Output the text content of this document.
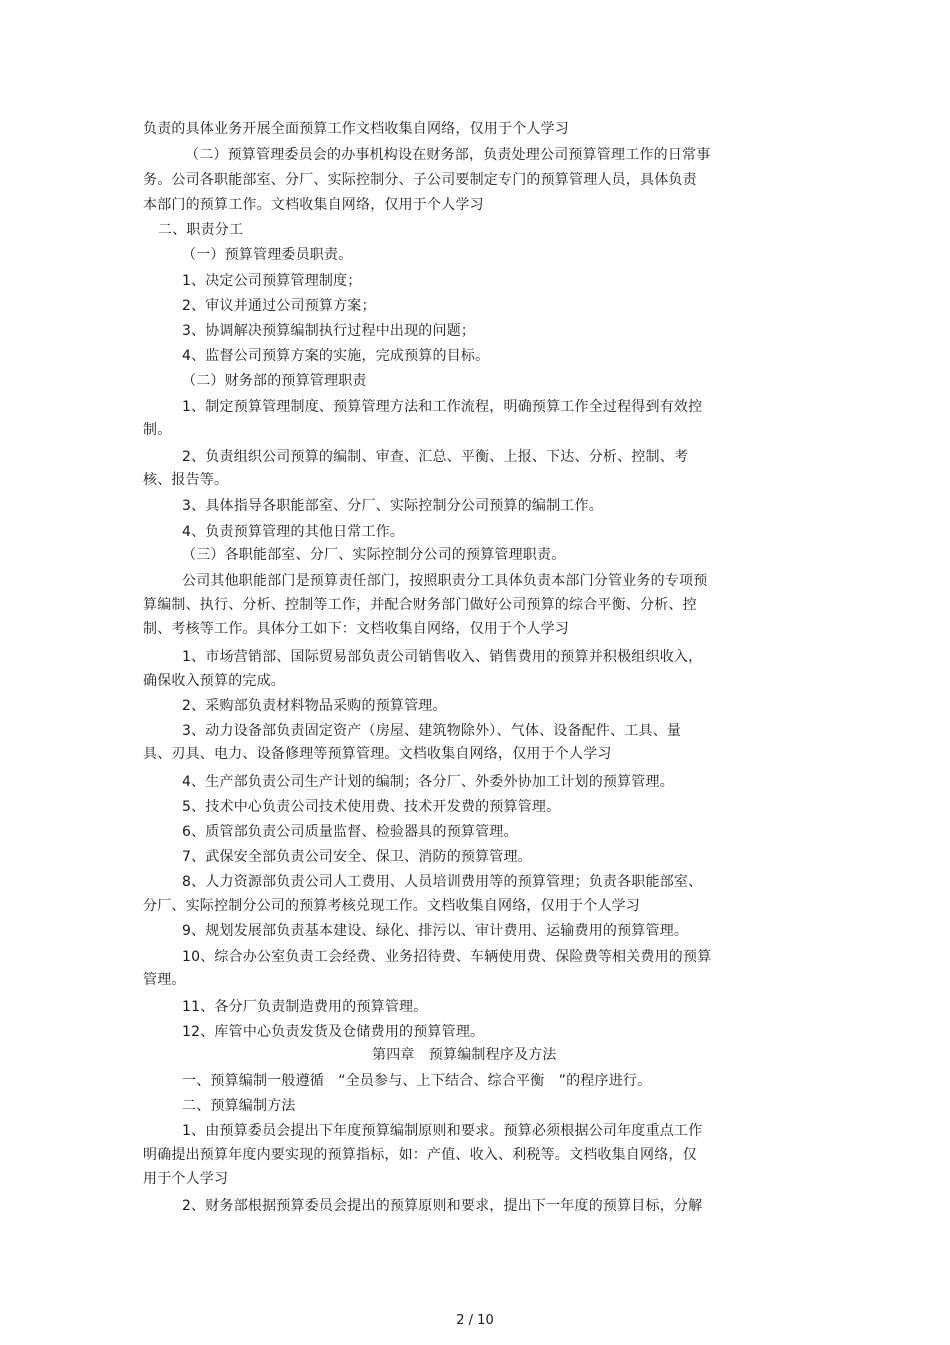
负责的具体业务开展全面预算工作文档收集自网络，仅用于个人学习
（二）预算管理委员会的办事机构设在财务部，负责处理公司预算管理工作的日常事
务。公司各职能部室、分厂、实际控制分、子公司要制定专门的预算管理人员，具体负责
本部门的预算工作。文档收集自网络，仅用于个人学习
二、职责分工
（一）预算管理委员职责。
1、决定公司预算管理制度；
2、审议并通过公司预算方案；
3、协调解决预算编制执行过程中出现的问题；
4、监督公司预算方案的实施，完成预算的目标。
（二）财务部的预算管理职责
1、制定预算管理制度、预算管理方法和工作流程，明确预算工作全过程得到有效控
制。
2、负责组织公司预算的编制、审查、汇总、平衡、上报、下达、分析、控制、考
核、报告等。
3、具体指导各职能部室、分厂、实际控制分公司预算的编制工作。
4、负责预算管理的其他日常工作。
（三）各职能部室、分厂、实际控制分公司的预算管理职责。
公司其他职能部门是预算责任部门，按照职责分工具体负责本部门分管业务的专项预
算编制、执行、分析、控制等工作，并配合财务部门做好公司预算的综合平衡、分析、控
制、考核等工作。具体分工如下：文档收集自网络，仅用于个人学习
1、市场营销部、国际贸易部负责公司销售收入、销售费用的预算并积极组织收入，
确保收入预算的完成。
2、采购部负责材料物品采购的预算管理。
3、动力设备部负责固定资产（房屋、建筑物除外）、气体、设备配件、工具、量
具、刃具、电力、设备修理等预算管理。文档收集自网络，仅用于个人学习
4、生产部负责公司生产计划的编制；各分厂、外委外协加工计划的预算管理。
5、技术中心负责公司技术使用费、技术开发费的预算管理。
6、质管部负责公司质量监督、检验器具的预算管理。
7、武保安全部负责公司安全、保卫、消防的预算管理。
8、人力资源部负责公司人工费用、人员培训费用等的预算管理；负责各职能部室、
分厂、实际控制分公司的预算考核兑现工作。文档收集自网络，仅用于个人学习
9、规划发展部负责基本建设、绿化、排污以、审计费用、运输费用的预算管理。
10、综合办公室负责工会经费、业务招待费、车辆使用费、保险费等相关费用的预算
管理。
11、各分厂负责制造费用的预算管理。
12、库管中心负责发货及仓储费用的预算管理。
第四章　预算编制程序及方法
一、预算编制一般遵循　“全员参与、上下结合、综合平衡　”的程序进行。
二、预算编制方法
1、由预算委员会提出下年度预算编制原则和要求。预算必须根据公司年度重点工作
明确提出预算年度内要实现的预算指标，如：产值、收入、利税等。文档收集自网络，仅
用于个人学习
2、财务部根据预算委员会提出的预算原则和要求，提出下一年度的预算目标，分解
2 / 10
